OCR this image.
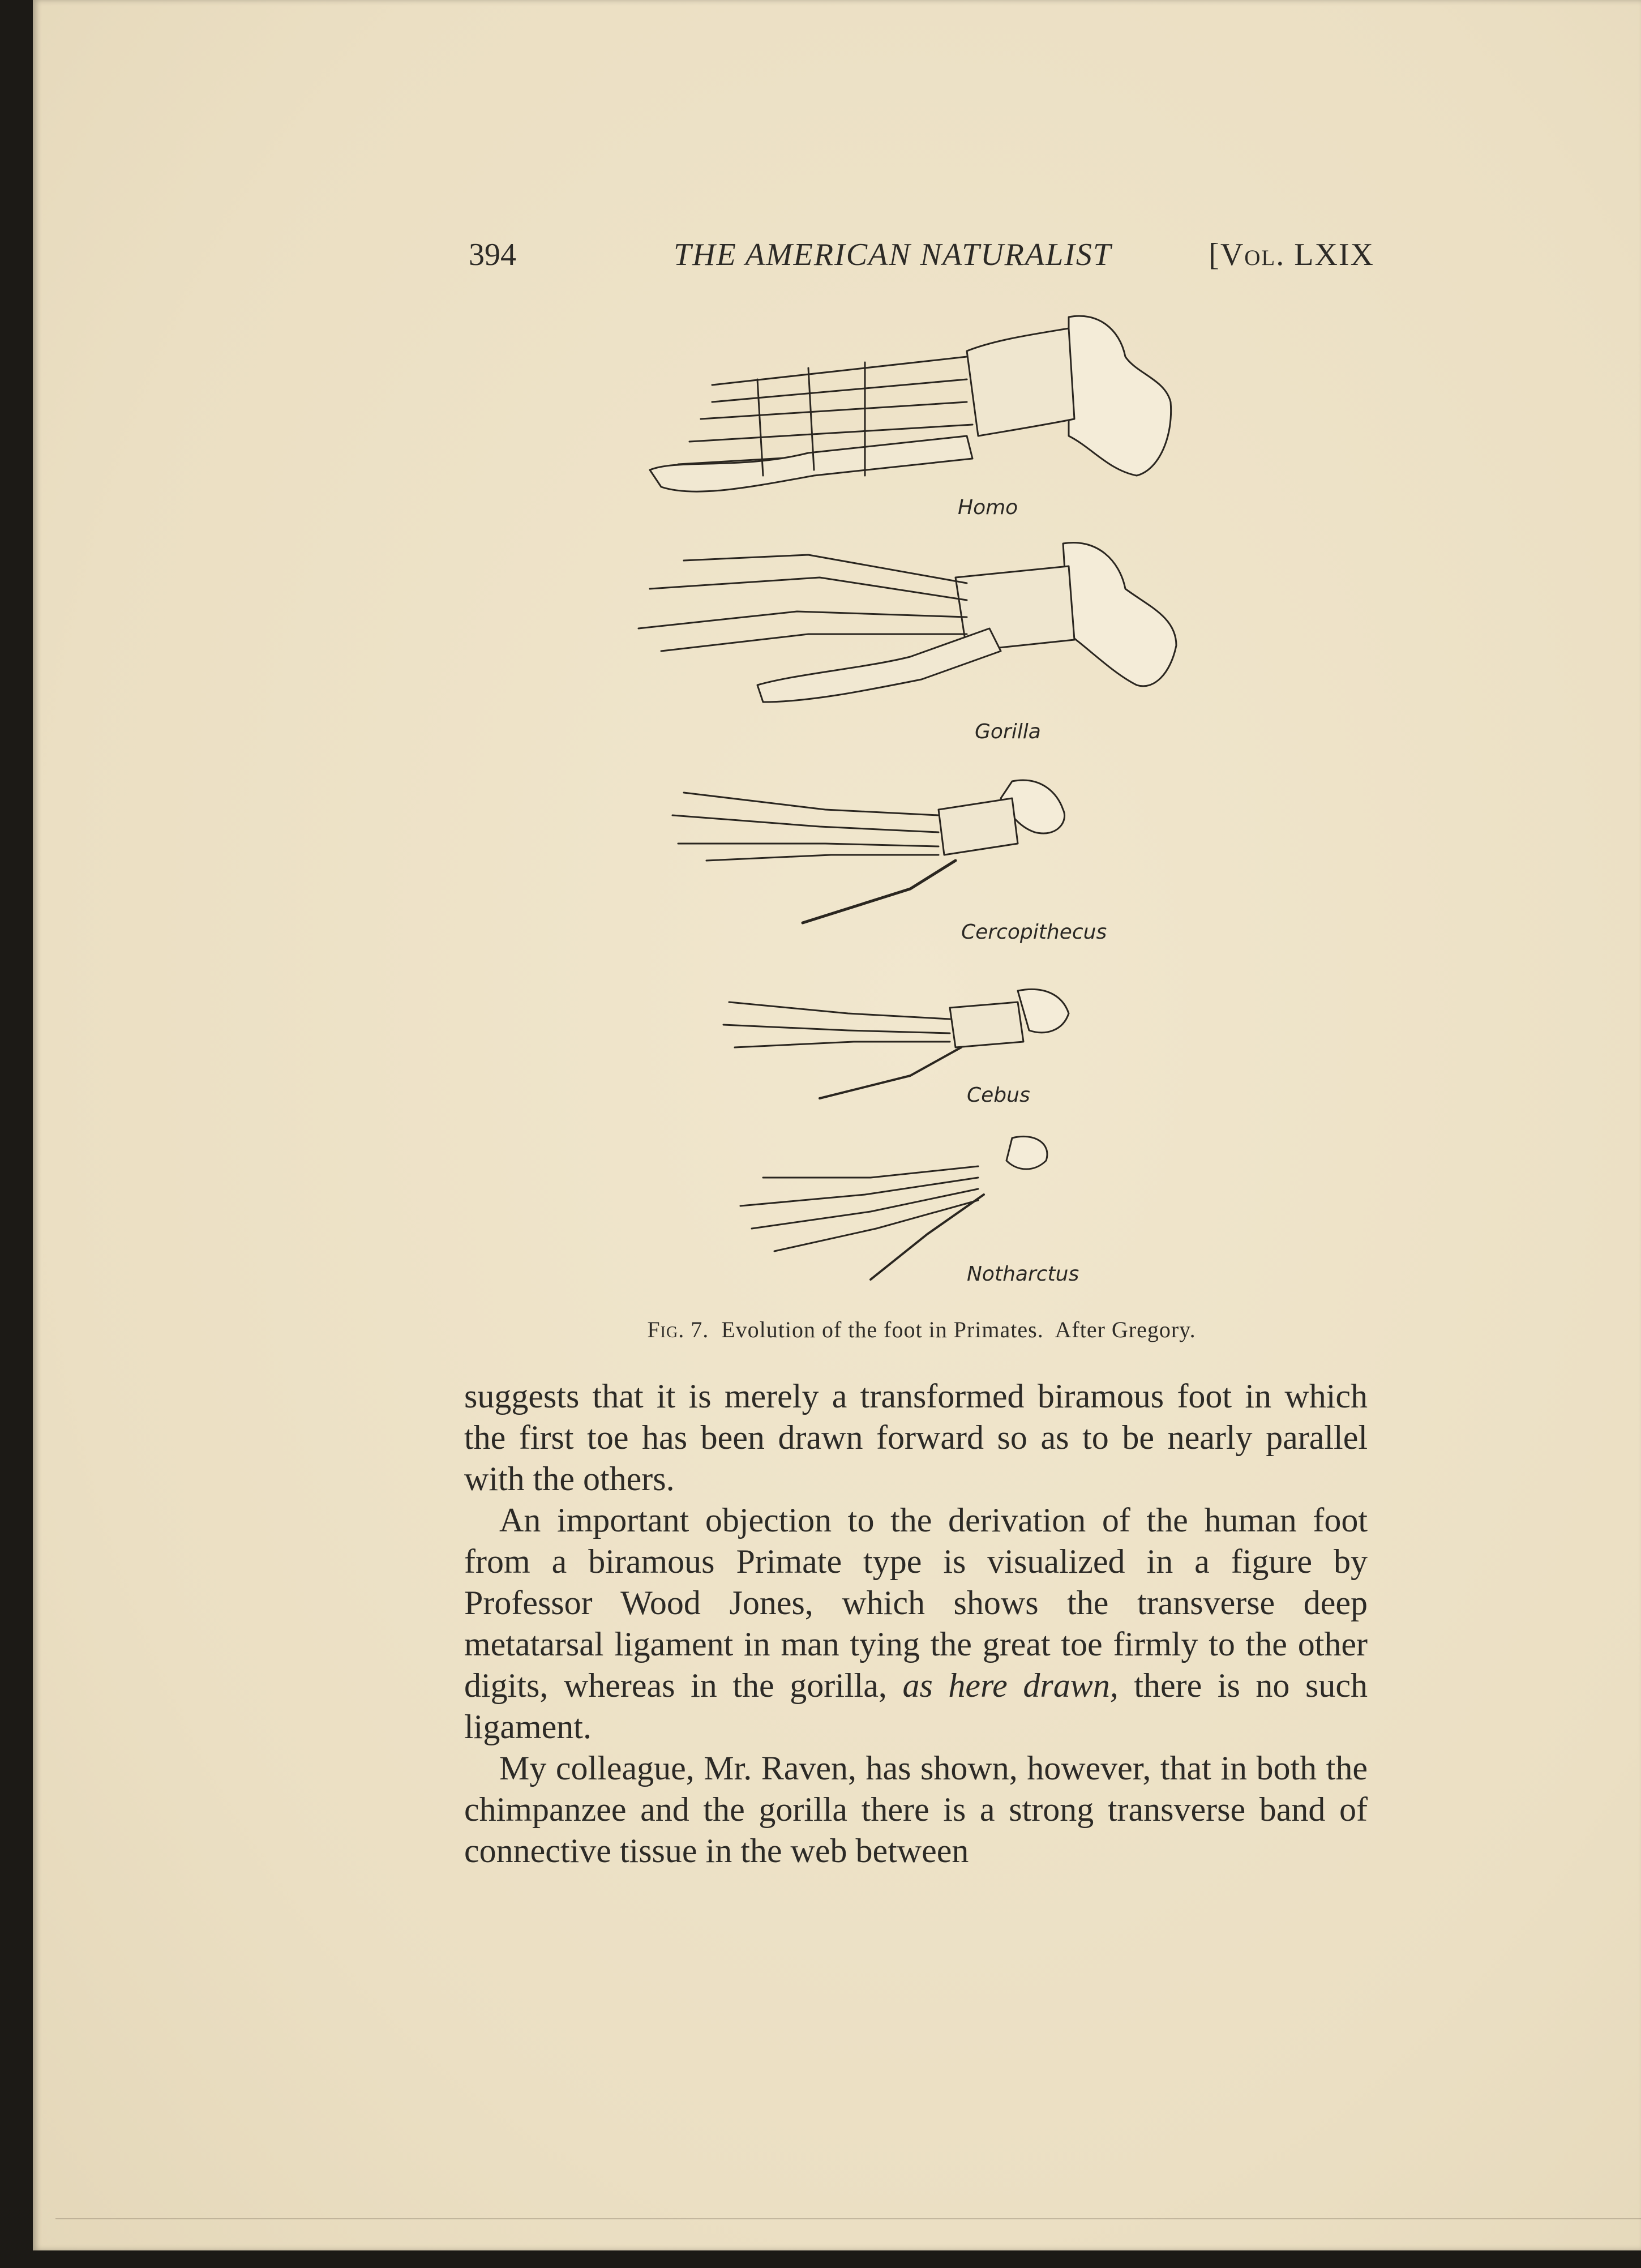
394	THE AMERICAN NATURALIST	[Vol. LXIX
Homo
Gorilla
Cercopithecus
Cebus
Notharctus
Fig. 7. Evolution of the foot in Primates. After Gregory.

suggests that it is merely a transformed biramous foot in which the first toe has been drawn forward so as to be nearly parallel with the others.

An important objection to the derivation of the human foot from a biramous Primate type is visualized in a figure by Professor Wood Jones, which shows the transverse deep metatarsal ligament in man tying the great toe firmly to the other digits, whereas in the gorilla, as here drawn, there is no such ligament.

My colleague, Mr. Raven, has shown, however, that in both the chimpanzee and the gorilla there is a strong transverse band of connective tissue in the web between
